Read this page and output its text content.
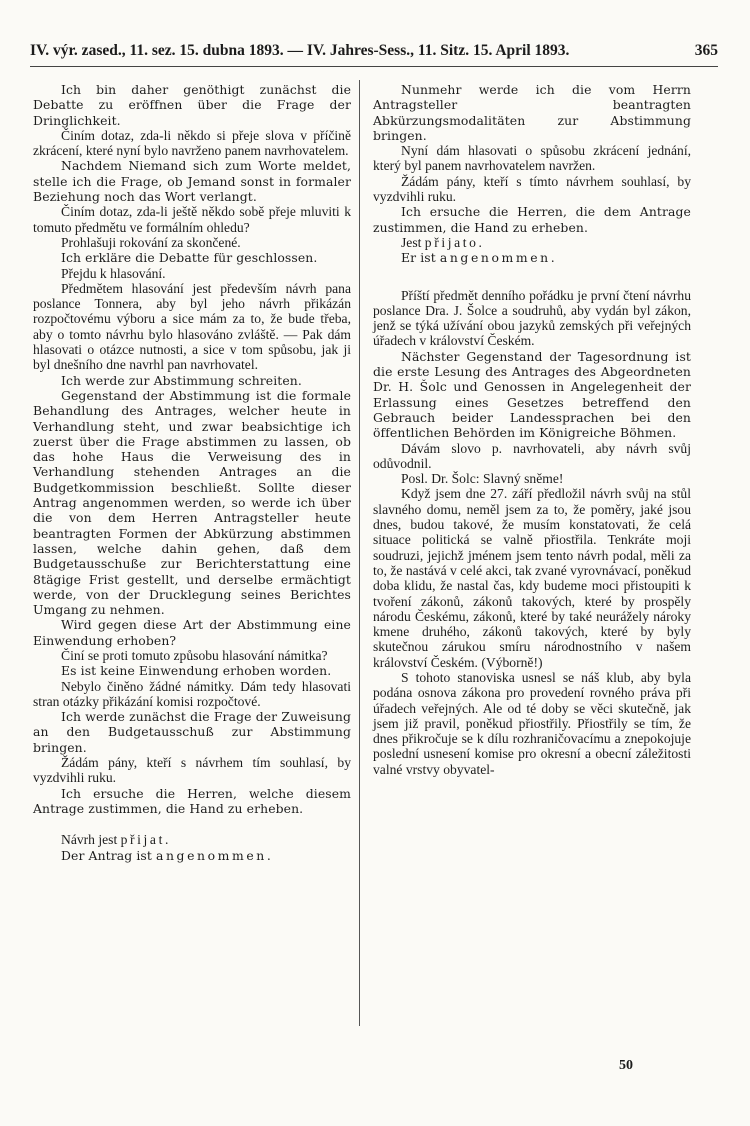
IV. výr. zased., 11. sez. 15. dubna 1893. — IV. Jahres-Sess., 11. Sitz. 15. April 1893.	365

Ich bin daher genöthigt zunächst die Debatte zu eröffnen über die Frage der Dringlichkeit.

Činím dotaz, zda-li někdo si přeje slova v příčině zkrácení, které nyní bylo navrženo panem navrhovatelem.

Nachdem Niemand sich zum Worte meldet, stelle ich die Frage, ob Jemand sonst in formaler Beziehung noch das Wort verlangt.

Činím dotaz, zda-li ještě někdo sobě přeje mluviti k tomuto předmětu ve formálním ohledu?

Prohlašuji rokování za skončené.

Ich erkläre die Debatte für geschlossen.

Přejdu k hlasování.

Předmětem hlasování jest především návrh pana poslance Tonnera, aby byl jeho návrh přikázán rozpočtovému výboru a sice mám za to, že bude třeba, aby o tomto návrhu bylo hlasováno zvláště. — Pak dám hlasovati o otázce nutnosti, a sice v tom spůsobu, jak ji byl dnešního dne navrhl pan navrhovatel.

Ich werde zur Abstimmung schreiten.

Gegenstand der Abstimmung ist die formale Behandlung des Antrages, welcher heute in Verhandlung steht, und zwar beabsichtige ich zuerst über die Frage abstimmen zu lassen, ob das hohe Haus die Verweisung des in Verhandlung stehenden Antrages an die Budgetkommission beschließt. Sollte dieser Antrag angenommen werden, so werde ich über die von dem Herren Antragsteller heute beantragten Formen der Abkürzung abstimmen lassen, welche dahin gehen, daß dem Budgetausschuße zur Berichterstattung eine 8tägige Frist gestellt, und derselbe ermächtigt werde, von der Drucklegung seines Berichtes Umgang zu nehmen.

Wird gegen diese Art der Abstimmung eine Einwendung erhoben?

Činí se proti tomuto způsobu hlasování námitka?

Es ist keine Einwendung erhoben worden.

Nebylo činěno žádné námitky. Dám tedy hlasovati stran otázky přikázání komisi rozpočtové.

Ich werde zunächst die Frage der Zuweisung an den Budgetausschuß zur Abstimmung bringen.

Žádám pány, kteří s návrhem tím souhlasí, by vyzdvihli ruku.

Ich ersuche die Herren, welche diesem Antrage zustimmen, die Hand zu erheben.

Návrh jest přijat.

Der Antrag ist angenommen.

Nunmehr werde ich die vom Herrn Antragsteller beantragten Abkürzungsmodalitäten zur Abstimmung bringen.

Nyní dám hlasovati o spůsobu zkrácení jednání, který byl panem navrhovatelem navržen.

Žádám pány, kteří s tímto návrhem souhlasí, by vyzdvihli ruku.

Ich ersuche die Herren, die dem Antrage zustimmen, die Hand zu erheben.

Jest přijato.

Er ist angenommen.

Příští předmět denního pořádku je první čtení návrhu poslance Dra. J. Šolce a soudruhů, aby vydán byl zákon, jenž se týká užívání obou jazyků zemských při veřejných úřadech v království Českém.

Nächster Gegenstand der Tagesordnung ist die erste Lesung des Antrages des Abgeordneten Dr. H. Šolc und Genossen in Angelegenheit der Erlassung eines Gesetzes betreffend den Gebrauch beider Landessprachen bei den öffentlichen Behörden im Königreiche Böhmen.

Dávám slovo p. navrhovateli, aby návrh svůj odůvodnil.

Posl. Dr. Šolc: Slavný sněme!

Když jsem dne 27. září předložil návrh svůj na stůl slavného domu, neměl jsem za to, že poměry, jaké jsou dnes, budou takové, že musím konstatovati, že celá situace politická se valně přiostřila. Tenkráte moji soudruzi, jejichž jménem jsem tento návrh podal, měli za to, že nastává v celé akci, tak zvané vyrovnávací, poněkud doba klidu, že nastal čas, kdy budeme moci přistoupiti k tvoření zákonů, zákonů takových, které by prospěly národu Českému, zákonů, které by také neurážely nároky kmene druhého, zákonů takových, které by byly skutečnou zárukou smíru národnostního v našem království Českém. (Výborně!)

S tohoto stanoviska usnesl se náš klub, aby byla podána osnova zákona pro provedení rovného práva při úřadech veřejných. Ale od té doby se věci skutečně, jak jsem již pravil, poněkud přiostřily. Přiostřily se tím, že dnes přikročuje se k dílu rozhraničovacímu a znepokojuje poslední usnesení komise pro okresní a obecní záležitosti valné vrstvy obyvatel-

50
